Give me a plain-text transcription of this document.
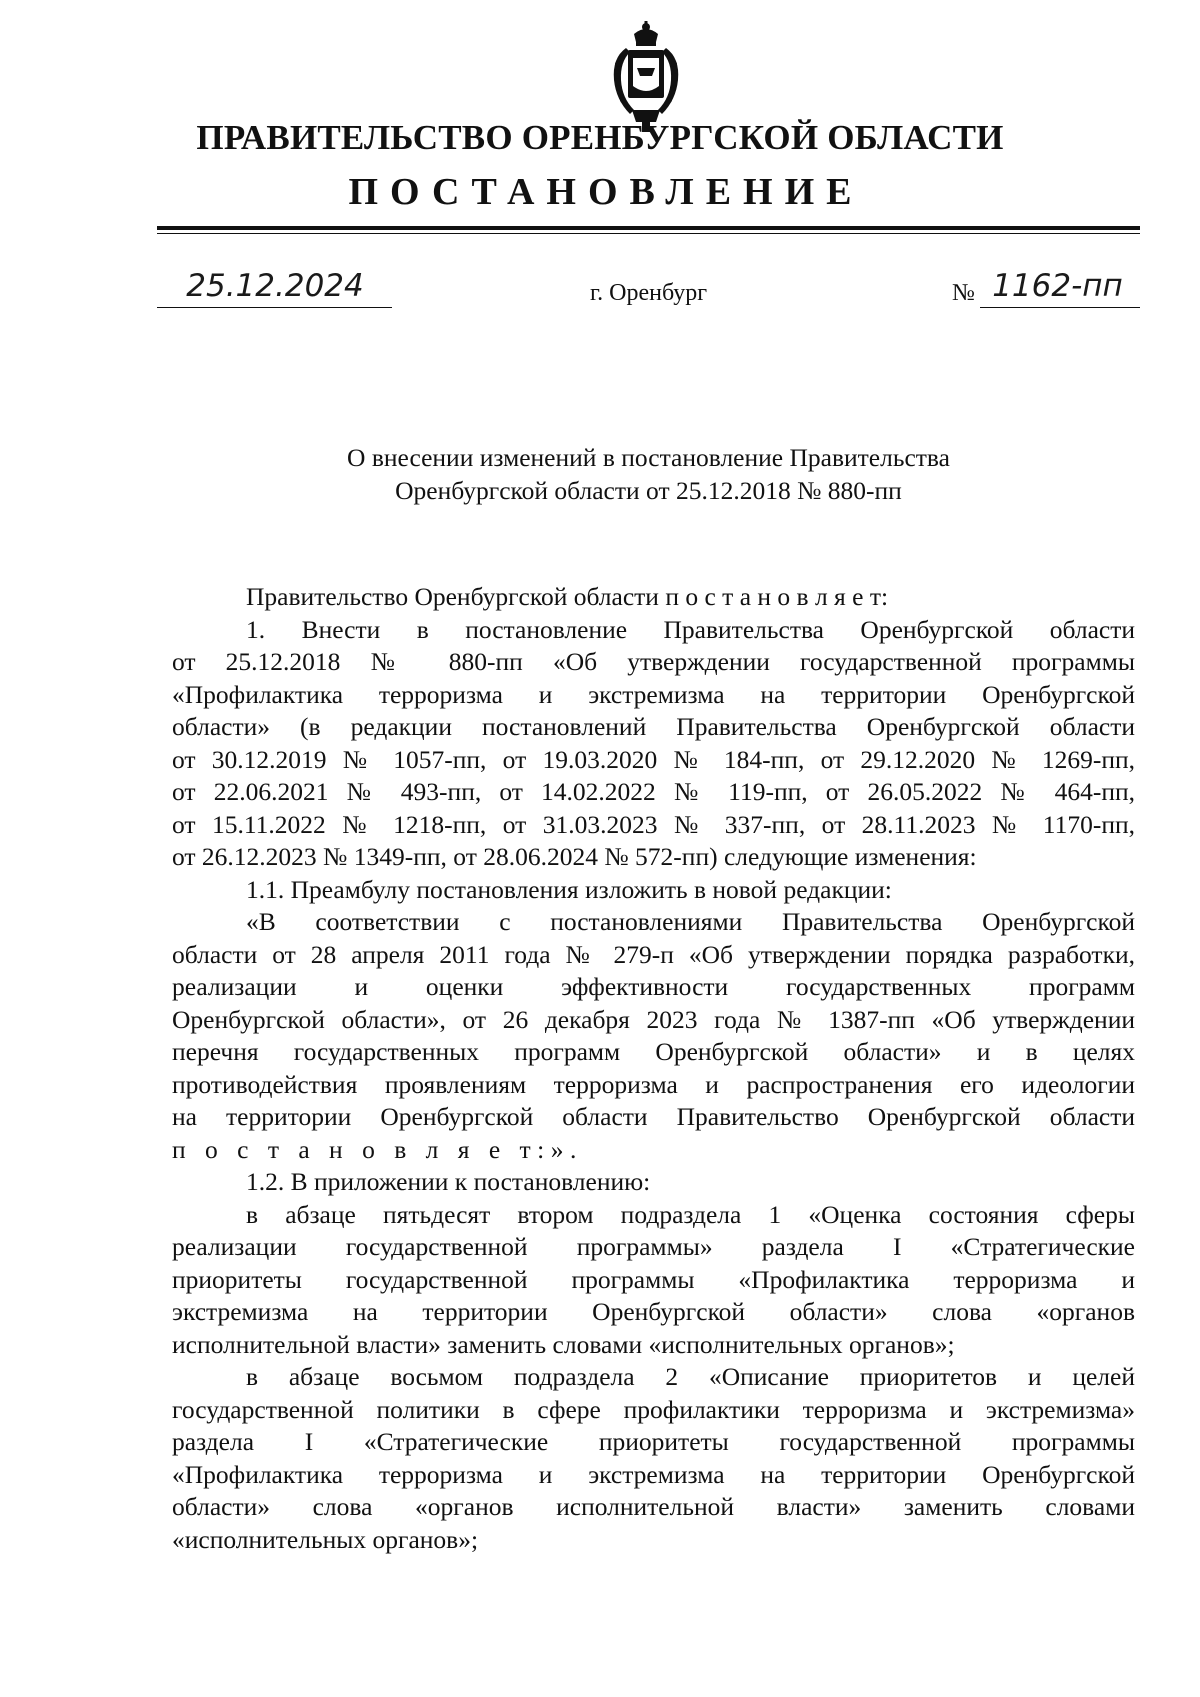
ПРАВИТЕЛЬСТВО ОРЕНБУРГСКОЙ ОБЛАСТИ
ПОСТАНОВЛЕНИЕ
25.12.2024	г. Оренбург	№ 1162-пп
О внесении изменений в постановление Правительства
Оренбургской области от 25.12.2018 № 880-пп
Правительство Оренбургской области п о с т а н о в л я е т:
1. Внести в постановление Правительства Оренбургской области
от 25.12.2018 № 880-пп «Об утверждении государственной программы
«Профилактика терроризма и экстремизма на территории Оренбургской
области» (в редакции постановлений Правительства Оренбургской области
от 30.12.2019 № 1057-пп, от 19.03.2020 № 184-пп, от 29.12.2020 № 1269-пп,
от 22.06.2021 № 493-пп, от 14.02.2022 № 119-пп, от 26.05.2022 № 464-пп,
от 15.11.2022 № 1218-пп, от 31.03.2023 № 337-пп, от 28.11.2023 № 1170-пп,
от 26.12.2023 № 1349-пп, от 28.06.2024 № 572-пп) следующие изменения:
1.1. Преамбулу постановления изложить в новой редакции:
«В соответствии с постановлениями Правительства Оренбургской
области от 28 апреля 2011 года № 279-п «Об утверждении порядка разработки,
реализации и оценки эффективности государственных программ
Оренбургской области», от 26 декабря 2023 года № 1387-пп «Об утверждении
перечня государственных программ Оренбургской области» и в целях
противодействия проявлениям терроризма и распространения его идеологии
на территории Оренбургской области Правительство Оренбургской области
п о с т а н о в л я е т:».
1.2. В приложении к постановлению:
в абзаце пятьдесят втором подраздела 1 «Оценка состояния сферы
реализации государственной программы» раздела I «Стратегические
приоритеты государственной программы «Профилактика терроризма и
экстремизма на территории Оренбургской области» слова «органов
исполнительной власти» заменить словами «исполнительных органов»;
в абзаце восьмом подраздела 2 «Описание приоритетов и целей
государственной политики в сфере профилактики терроризма и экстремизма»
раздела I «Стратегические приоритеты государственной программы
«Профилактика терроризма и экстремизма на территории Оренбургской
области» слова «органов исполнительной власти» заменить словами
«исполнительных органов»;
